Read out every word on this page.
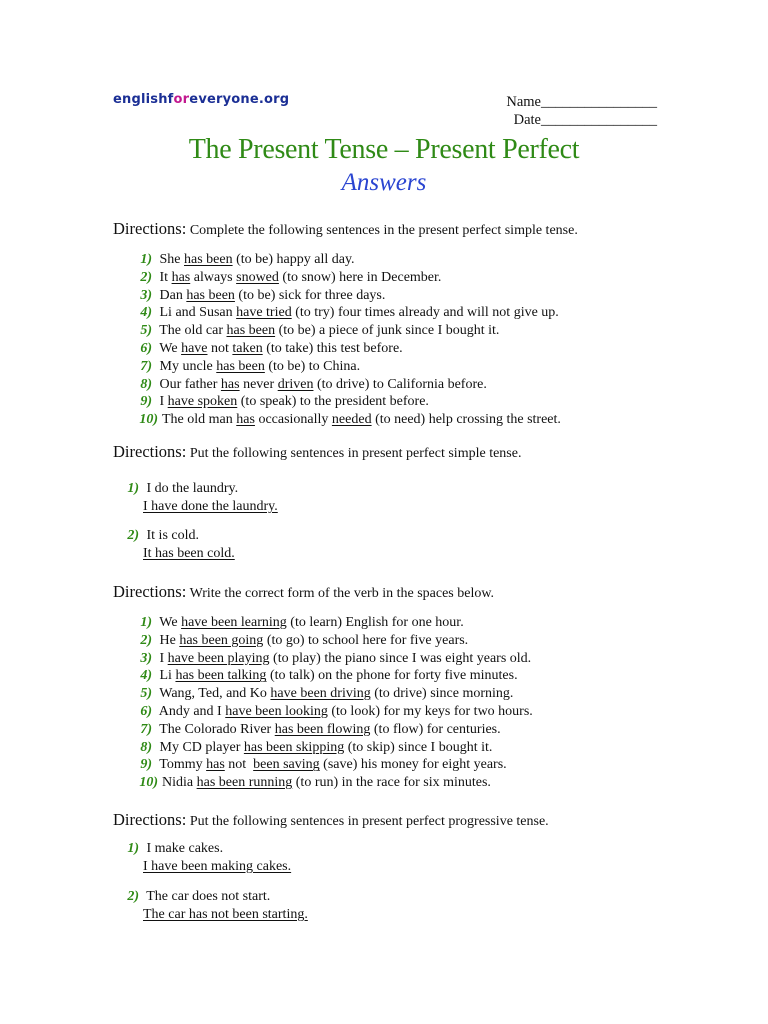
englishforeveryone.org	Name________________
Date________________
The Present Tense – Present Perfect
Answers
Directions: Complete the following sentences in the present perfect simple tense.
1) She has been (to be) happy all day.
2) It has always snowed (to snow) here in December.
3) Dan has been (to be) sick for three days.
4) Li and Susan have tried (to try) four times already and will not give up.
5) The old car has been (to be) a piece of junk since I bought it.
6) We have not taken (to take) this test before.
7) My uncle has been (to be) to China.
8) Our father has never driven (to drive) to California before.
9) I have spoken (to speak) to the president before.
10) The old man has occasionally needed (to need) help crossing the street.
Directions: Put the following sentences in present perfect simple tense.
1) I do the laundry.
I have done the laundry.
2) It is cold.
It has been cold.
Directions: Write the correct form of the verb in the spaces below.
1) We have been learning (to learn) English for one hour.
2) He has been going (to go) to school here for five years.
3) I have been playing (to play) the piano since I was eight years old.
4) Li has been talking (to talk) on the phone for forty five minutes.
5) Wang, Ted, and Ko have been driving (to drive) since morning.
6) Andy and I have been looking (to look) for my keys for two hours.
7) The Colorado River has been flowing (to flow) for centuries.
8) My CD player has been skipping (to skip) since I bought it.
9) Tommy has not  been saving (save) his money for eight years.
10) Nidia has been running (to run) in the race for six minutes.
Directions: Put the following sentences in present perfect progressive tense.
1) I make cakes.
I have been making cakes.
2) The car does not start.
The car has not been starting.
